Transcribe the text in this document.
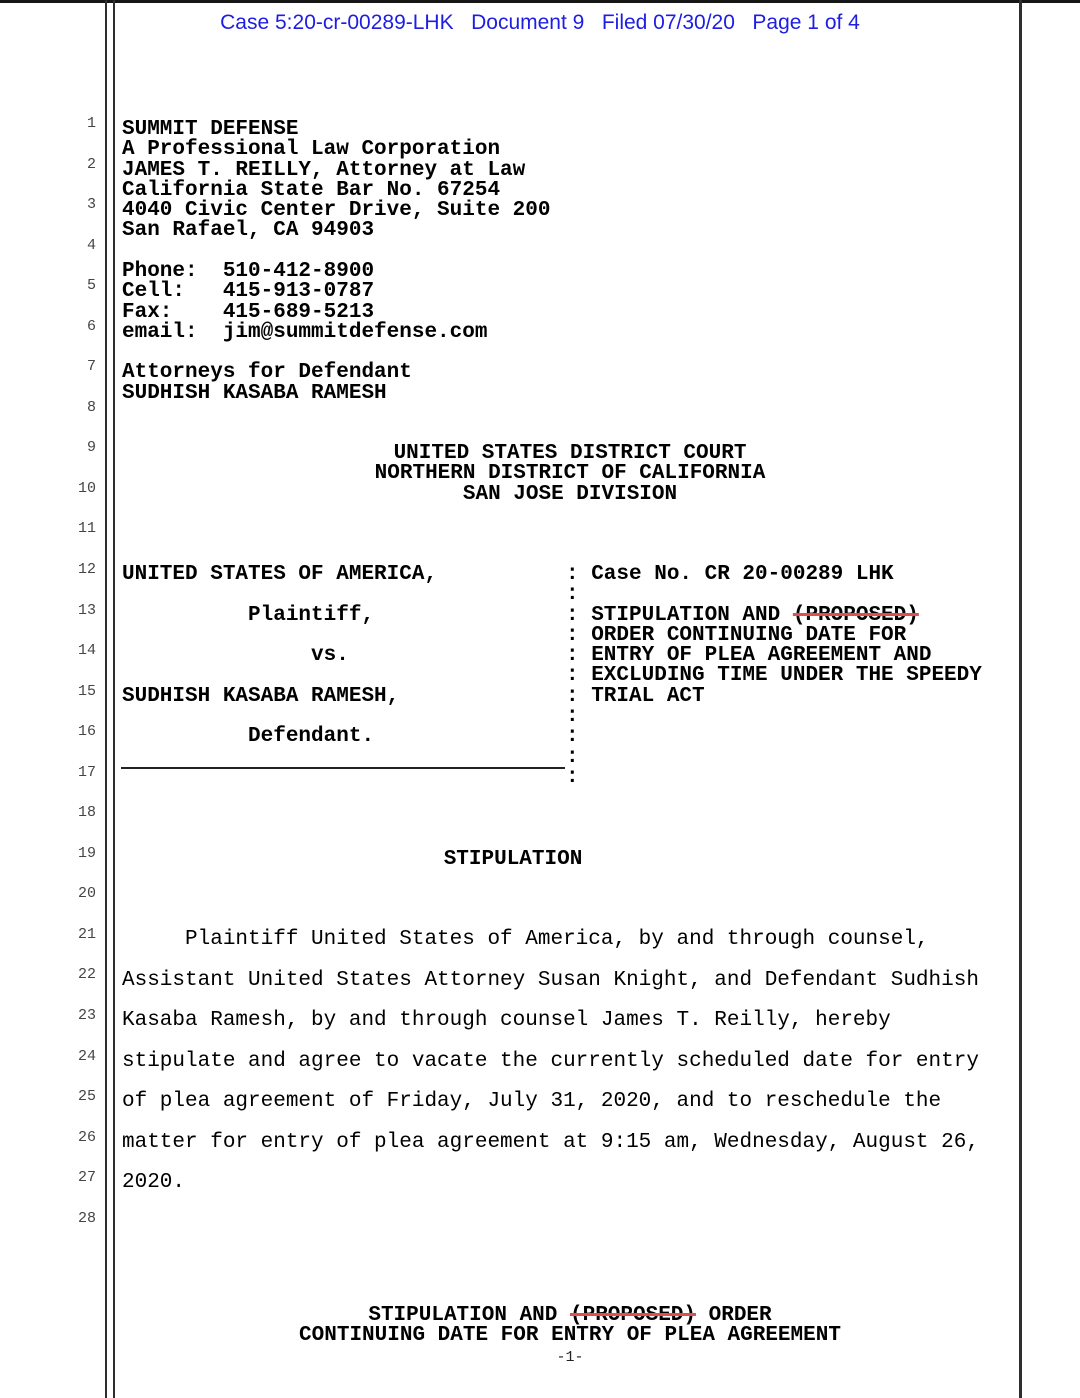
Case 5:20-cr-00289-LHK   Document 9   Filed 07/30/20   Page 1 of 4
1
2
3
4
5
6
7
8
9
10
11
12
13
14
15
16
17
18
19
20
21
22
23
24
25
26
27
28
SUMMIT DEFENSE
A Professional Law Corporation
JAMES T. REILLY, Attorney at Law
California State Bar No. 67254
4040 Civic Center Drive, Suite 200
San Rafael, CA 94903

Phone:  510-412-8900
Cell:   415-913-0787
Fax:    415-689-5213
email:  jim@summitdefense.com

Attorneys for Defendant
SUDHISH KASABA RAMESH
UNITED STATES DISTRICT COURT
NORTHERN DISTRICT OF CALIFORNIA
SAN JOSE DIVISION
UNITED STATES OF AMERICA,

Plaintiff,

vs.

SUDHISH KASABA RAMESH,

Defendant.
: Case No. CR 20-00289 LHK
:
: STIPULATION AND (PROPOSED)
: ORDER CONTINUING DATE FOR
: ENTRY OF PLEA AGREEMENT AND
: EXCLUDING TIME UNDER THE SPEEDY
: TRIAL ACT
:
:
:
:
STIPULATION
Plaintiff United States of America, by and through counsel,
Assistant United States Attorney Susan Knight, and Defendant Sudhish
Kasaba Ramesh, by and through counsel James T. Reilly, hereby
stipulate and agree to vacate the currently scheduled date for entry
of plea agreement of Friday, July 31, 2020, and to reschedule the
matter for entry of plea agreement at 9:15 am, Wednesday, August 26,
2020.
STIPULATION AND (PROPOSED) ORDER
CONTINUING DATE FOR ENTRY OF PLEA AGREEMENT
-1-
